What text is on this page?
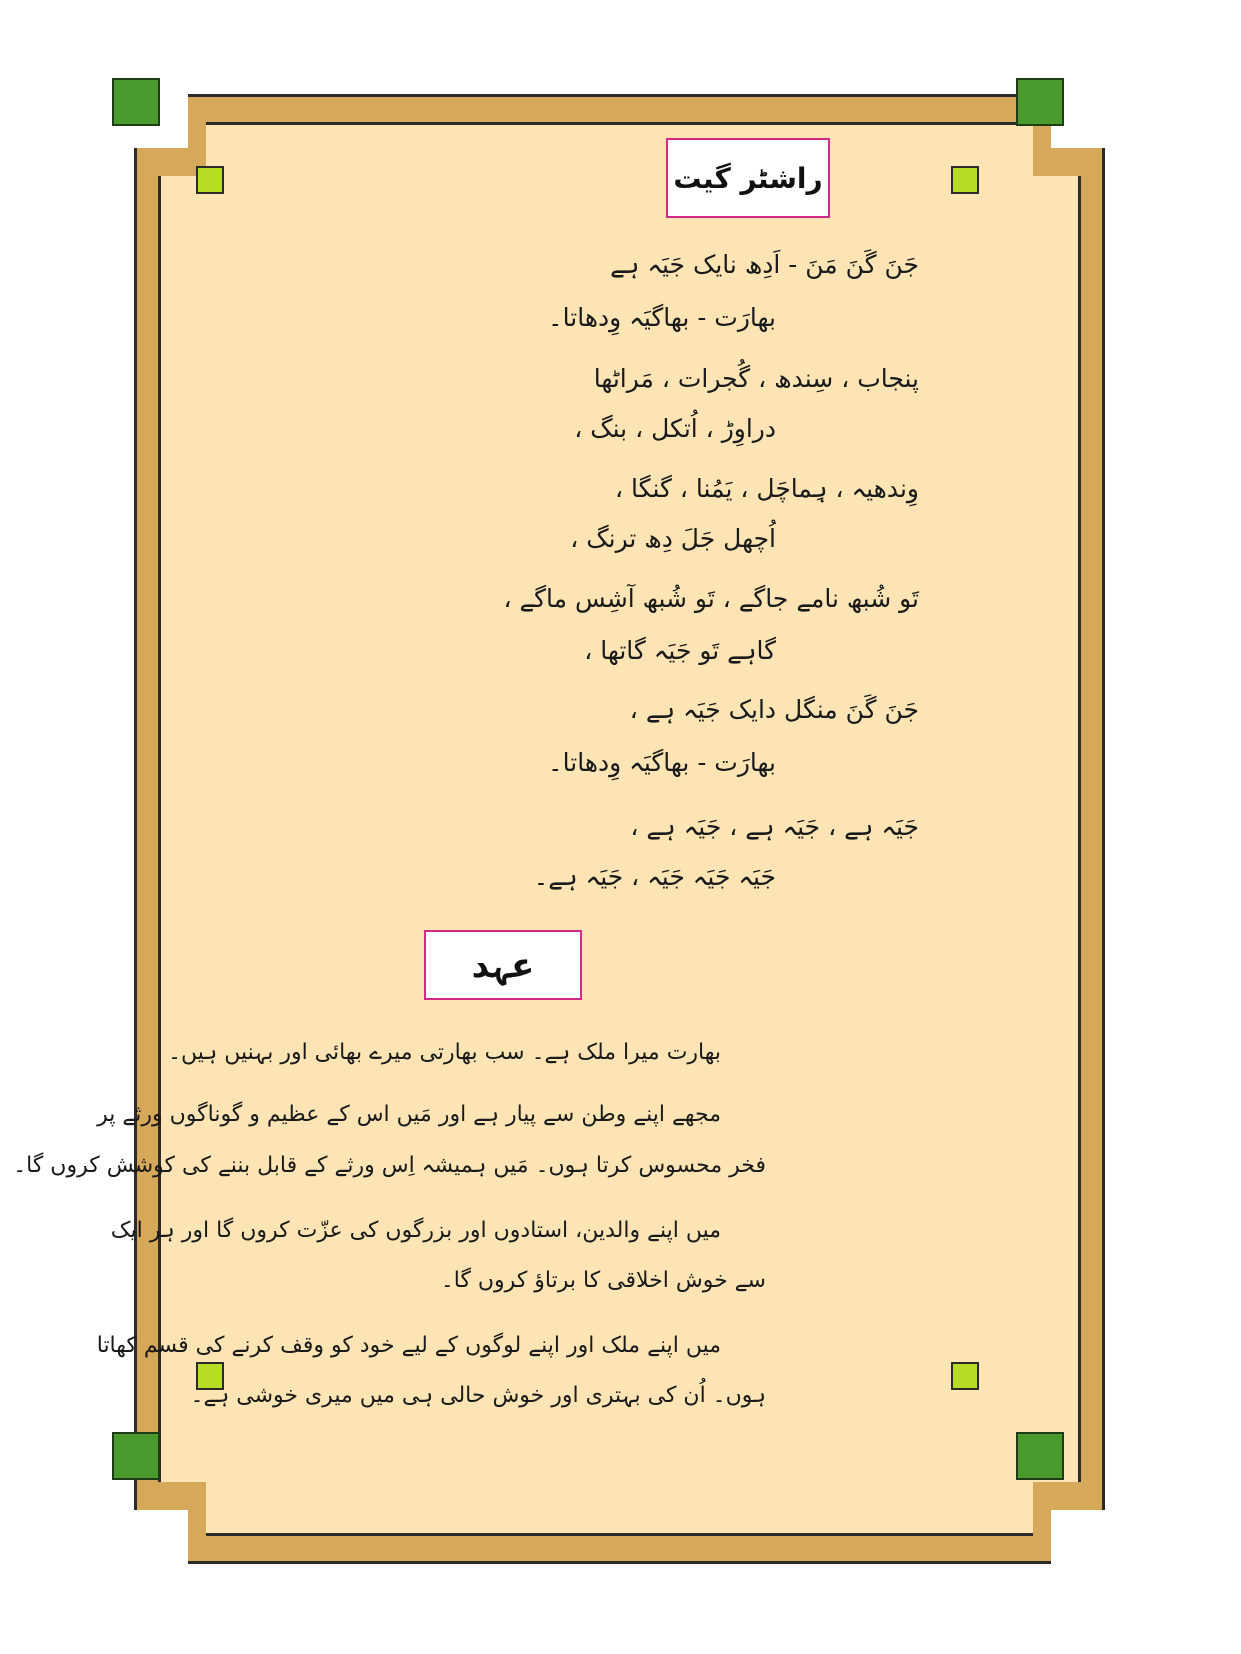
راشٹر گیت
جَنَ گَنَ مَنَ - اَدِھ نایک جَیَہ ہے
بھارَت - بھاگیَہ وِدھاتا۔
پنجاب ، سِندھ ، گُجرات ، مَراٹھا
دراوِڑ ، اُتکل ، بنگ ،
وِندھیہ ، ہِماچَل ، یَمُنا ، گنگا ،
اُچھل جَلَ دِھ ترنگ ،
تَو شُبھ نامے جاگے ، تَو شُبھ آشِس ماگے ،
گاہے تَو جَیَہ گاتھا ،
جَنَ گَنَ منگل دایک جَیَہ ہے ،
بھارَت - بھاگیَہ وِدھاتا۔
جَیَہ ہے ، جَیَہ ہے ، جَیَہ ہے ،
جَیَہ جَیَہ جَیَہ ، جَیَہ ہے۔
عہد
بھارت میرا ملک ہے۔ سب بھارتی میرے بھائی اور بہنیں ہیں۔
مجھے اپنے وطن سے پیار ہے اور مَیں اس کے عظیم و گوناگوں ورثے پر
فخر محسوس کرتا ہوں۔ مَیں ہمیشہ اِس ورثے کے قابل بننے کی کوشش کروں گا۔
میں اپنے والدین، استادوں اور بزرگوں کی عزّت کروں گا اور ہر ایک
سے خوش اخلاقی کا برتاؤ کروں گا۔
میں اپنے ملک اور اپنے لوگوں کے لیے خود کو وقف کرنے کی قسم کھاتا
ہوں۔ اُن کی بہتری اور خوش حالی ہی میں میری خوشی ہے۔
